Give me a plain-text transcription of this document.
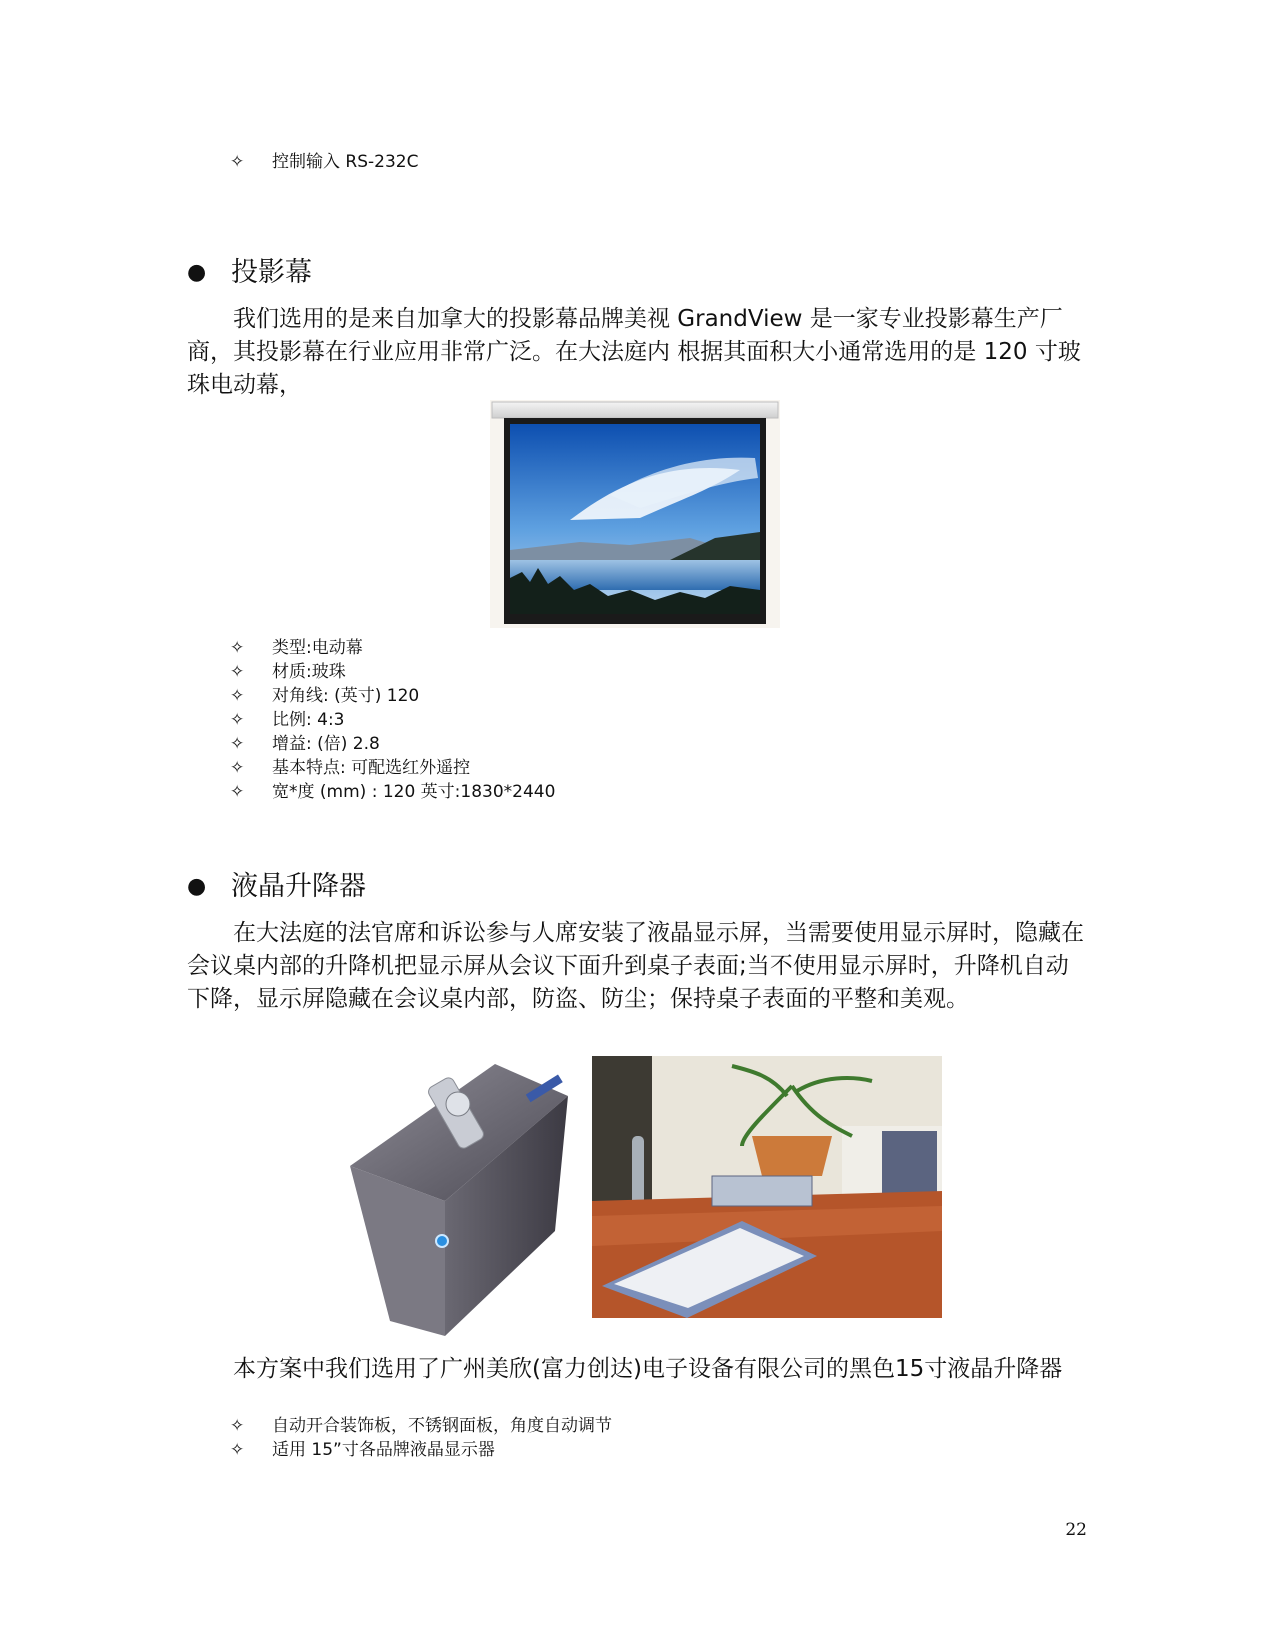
✧ 控制输入 RS-232C
● 投影幕

我们选用的是来自加拿大的投影幕品牌美视 GrandView 是一家专业投影幕生产厂商，其投影幕在行业应用非常广泛。在大法庭内 根据其面积大小通常选用的是 120 寸玻珠电动幕，

✧ 类型:电动幕
✧ 材质:玻珠
✧ 对角线: (英寸) 120
✧ 比例: 4:3
✧ 增益: (倍) 2.8
✧ 基本特点: 可配选红外遥控
✧ 宽*度 (mm) : 120 英寸:1830*2440
● 液晶升降器

在大法庭的法官席和诉讼参与人席安装了液晶显示屏，当需要使用显示屏时，隐藏在会议桌内部的升降机把显示屏从会议下面升到桌子表面;当不使用显示屏时，升降机自动下降，显示屏隐藏在会议桌内部，防盗、防尘；保持桌子表面的平整和美观。

本方案中我们选用了广州美欣(富力创达)电子设备有限公司的黑色15寸液晶升降器

✧ 自动开合装饰板，不锈钢面板，角度自动调节
✧ 适用 15”寸各品牌液晶显示器
22
